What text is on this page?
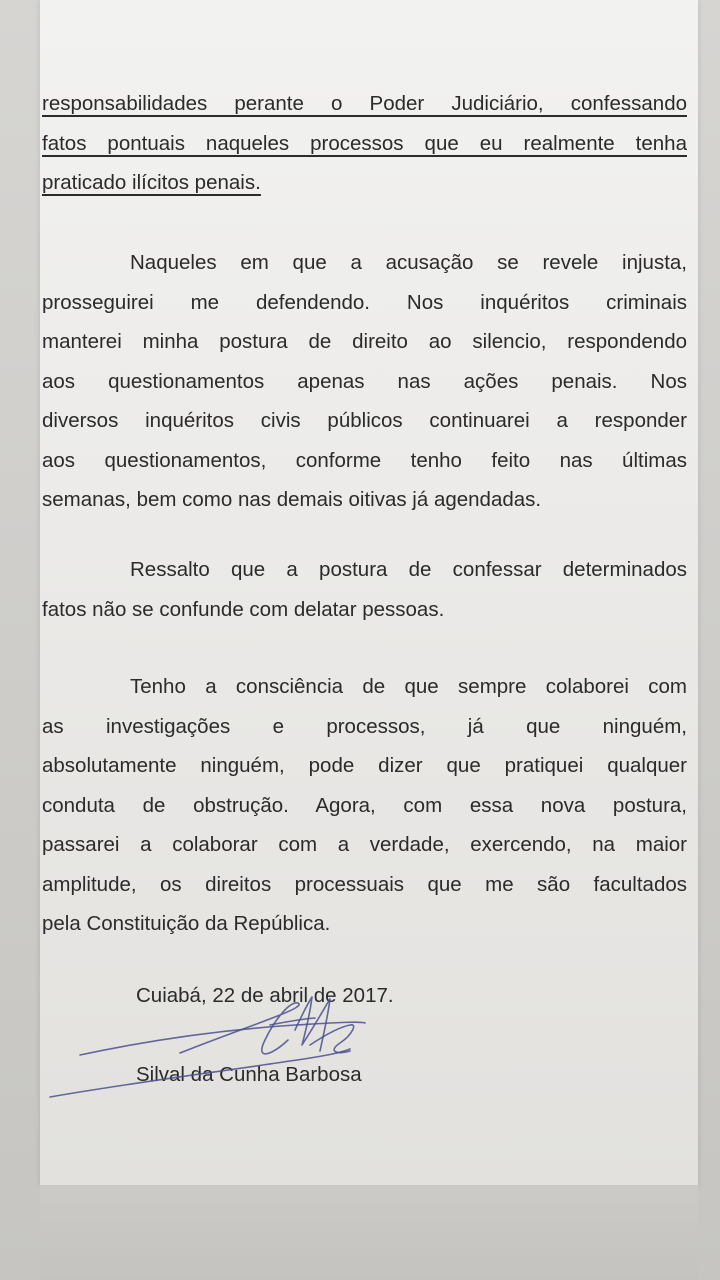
responsabilidades perante o Poder Judiciário, confessando
fatos pontuais naqueles processos que eu realmente tenha
praticado ilícitos penais.
Naqueles em que a acusação se revele injusta,
prosseguirei me defendendo. Nos inquéritos criminais
manterei minha postura de direito ao silencio, respondendo
aos questionamentos apenas nas ações penais. Nos
diversos inquéritos civis públicos continuarei a responder
aos questionamentos, conforme tenho feito nas últimas
semanas, bem como nas demais oitivas já agendadas.
Ressalto que a postura de confessar determinados
fatos não se confunde com delatar pessoas.
Tenho a consciência de que sempre colaborei com
as investigações e processos, já que ninguém,
absolutamente ninguém, pode dizer que pratiquei qualquer
conduta de obstrução. Agora, com essa nova postura,
passarei a colaborar com a verdade, exercendo, na maior
amplitude, os direitos processuais que me são facultados
pela Constituição da República.
Cuiabá, 22 de abril de 2017.
Silval da Cunha Barbosa
